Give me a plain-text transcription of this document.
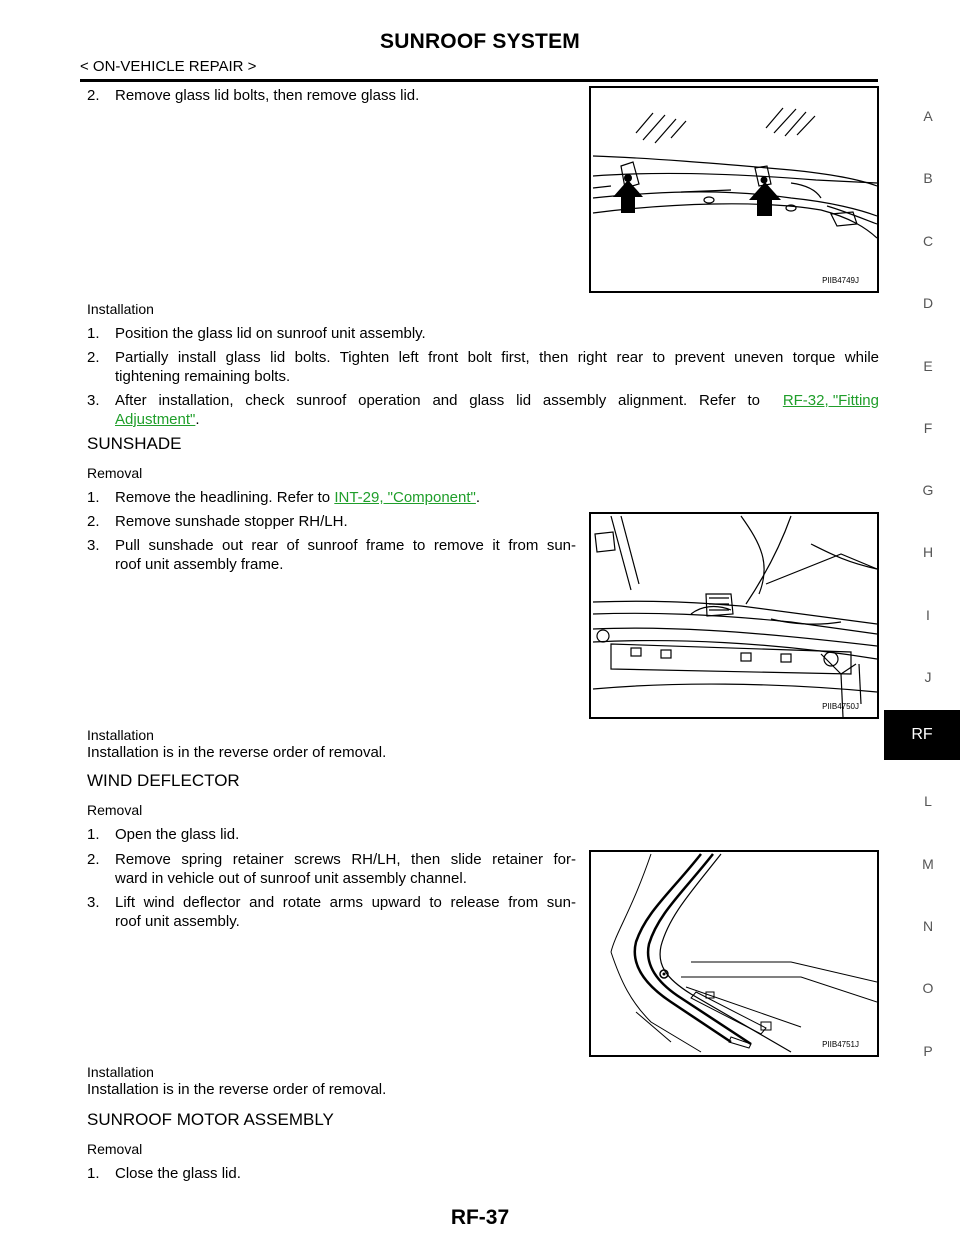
SUNROOF SYSTEM
< ON-VEHICLE REPAIR >
A
B
C
D
E
F
G
H
I
J
RF
L
M
N
O
P
2. Remove glass lid bolts, then remove glass lid.
PIIB4749J
Installation
1. Position the glass lid on sunroof unit assembly.
2. Partially install glass lid bolts. Tighten left front bolt first, then right rear to prevent uneven torque while
tightening remaining bolts.
3. After installation, check sunroof operation and glass lid assembly alignment. Refer to RF-32, "Fitting
Adjustment".
SUNSHADE
Removal
1. Remove the headlining. Refer to INT-29, "Component".
2. Remove sunshade stopper RH/LH.
3. Pull sunshade out rear of sunroof frame to remove it from sun-
roof unit assembly frame.
PIIB4750J
Installation
Installation is in the reverse order of removal.
WIND DEFLECTOR
Removal
1. Open the glass lid.
2. Remove spring retainer screws RH/LH, then slide retainer for-
ward in vehicle out of sunroof unit assembly channel.
3. Lift wind deflector and rotate arms upward to release from sun-
roof unit assembly.
PIIB4751J
Installation
Installation is in the reverse order of removal.
SUNROOF MOTOR ASSEMBLY
Removal
1. Close the glass lid.
RF-37
